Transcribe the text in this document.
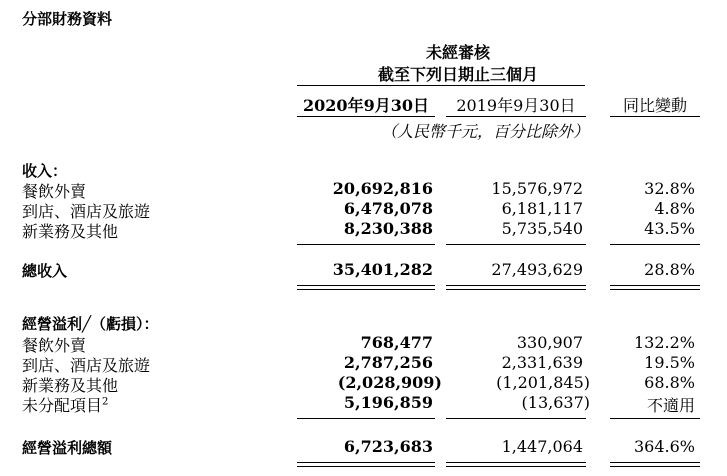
分部財務資料
未經審核
截至下列日期止三個月
2020年9月30日	2019年9月30日	同比變動
（人民幣千元，百分比除外）
收入：
餐飲外賣	20,692,816	15,576,972	32.8%
到店、酒店及旅遊	6,478,078	6,181,117	4.8%
新業務及其他	8,230,388	5,735,540	43.5%
總收入	35,401,282	27,493,629	28.8%
經營溢利╱（虧損）：
餐飲外賣	768,477	330,907	132.2%
到店、酒店及旅遊	2,787,256	2,331,639	19.5%
新業務及其他	(2,028,909)	(1,201,845)	68.8%
未分配項目$^2$	5,196,859	(13,637)	不適用
經營溢利總額	6,723,683	1,447,064	364.6%
